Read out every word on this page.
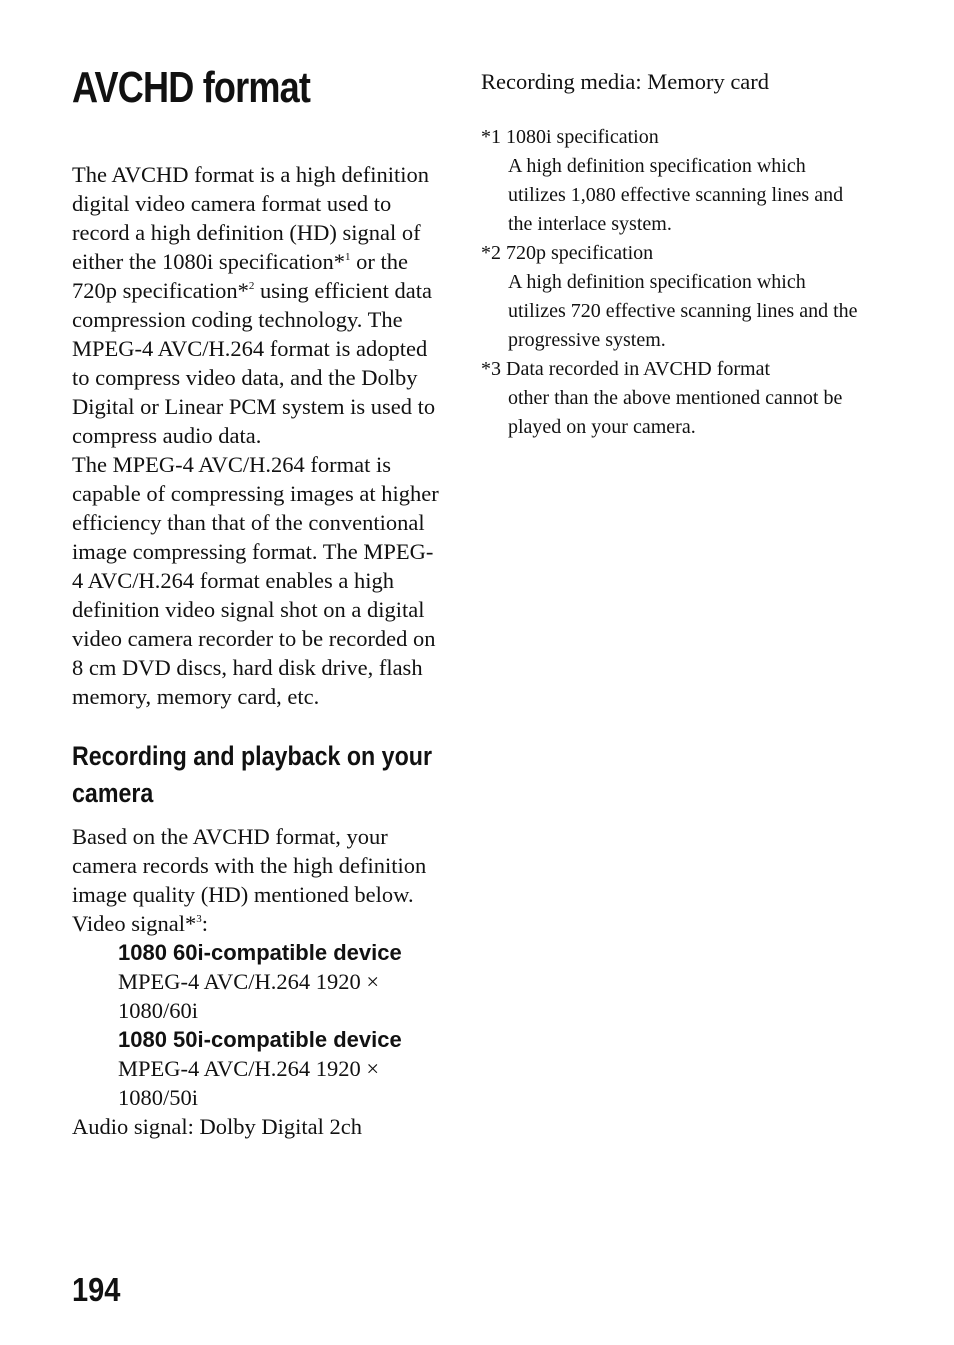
AVCHD format

The AVCHD format is a high definition digital video camera format used to record a high definition (HD) signal of either the 1080i specification*$^1$ or the 720p specification*$^2$ using efficient data compression coding technology. The MPEG-4 AVC/H.264 format is adopted to compress video data, and the Dolby Digital or Linear PCM system is used to compress audio data.

The MPEG-4 AVC/H.264 format is capable of compressing images at higher efficiency than that of the conventional image compressing format. The MPEG-4 AVC/H.264 format enables a high definition video signal shot on a digital video camera recorder to be recorded on 8 cm DVD discs, hard disk drive, flash memory, memory card, etc.

Recording and playback on your camera

Based on the AVCHD format, your camera records with the high definition image quality (HD) mentioned below.

Video signal*$^3$:

1080 60i-compatible device

MPEG-4 AVC/H.264 1920 ×

1080/60i

1080 50i-compatible device

MPEG-4 AVC/H.264 1920 ×

1080/50i

Audio signal: Dolby Digital 2ch

Recording media: Memory card

*1 1080i specification

A high definition specification which utilizes 1,080 effective scanning lines and the interlace system.

*2 720p specification

A high definition specification which utilizes 720 effective scanning lines and the progressive system.

*3 Data recorded in AVCHD format

other than the above mentioned cannot be played on your camera.

194
